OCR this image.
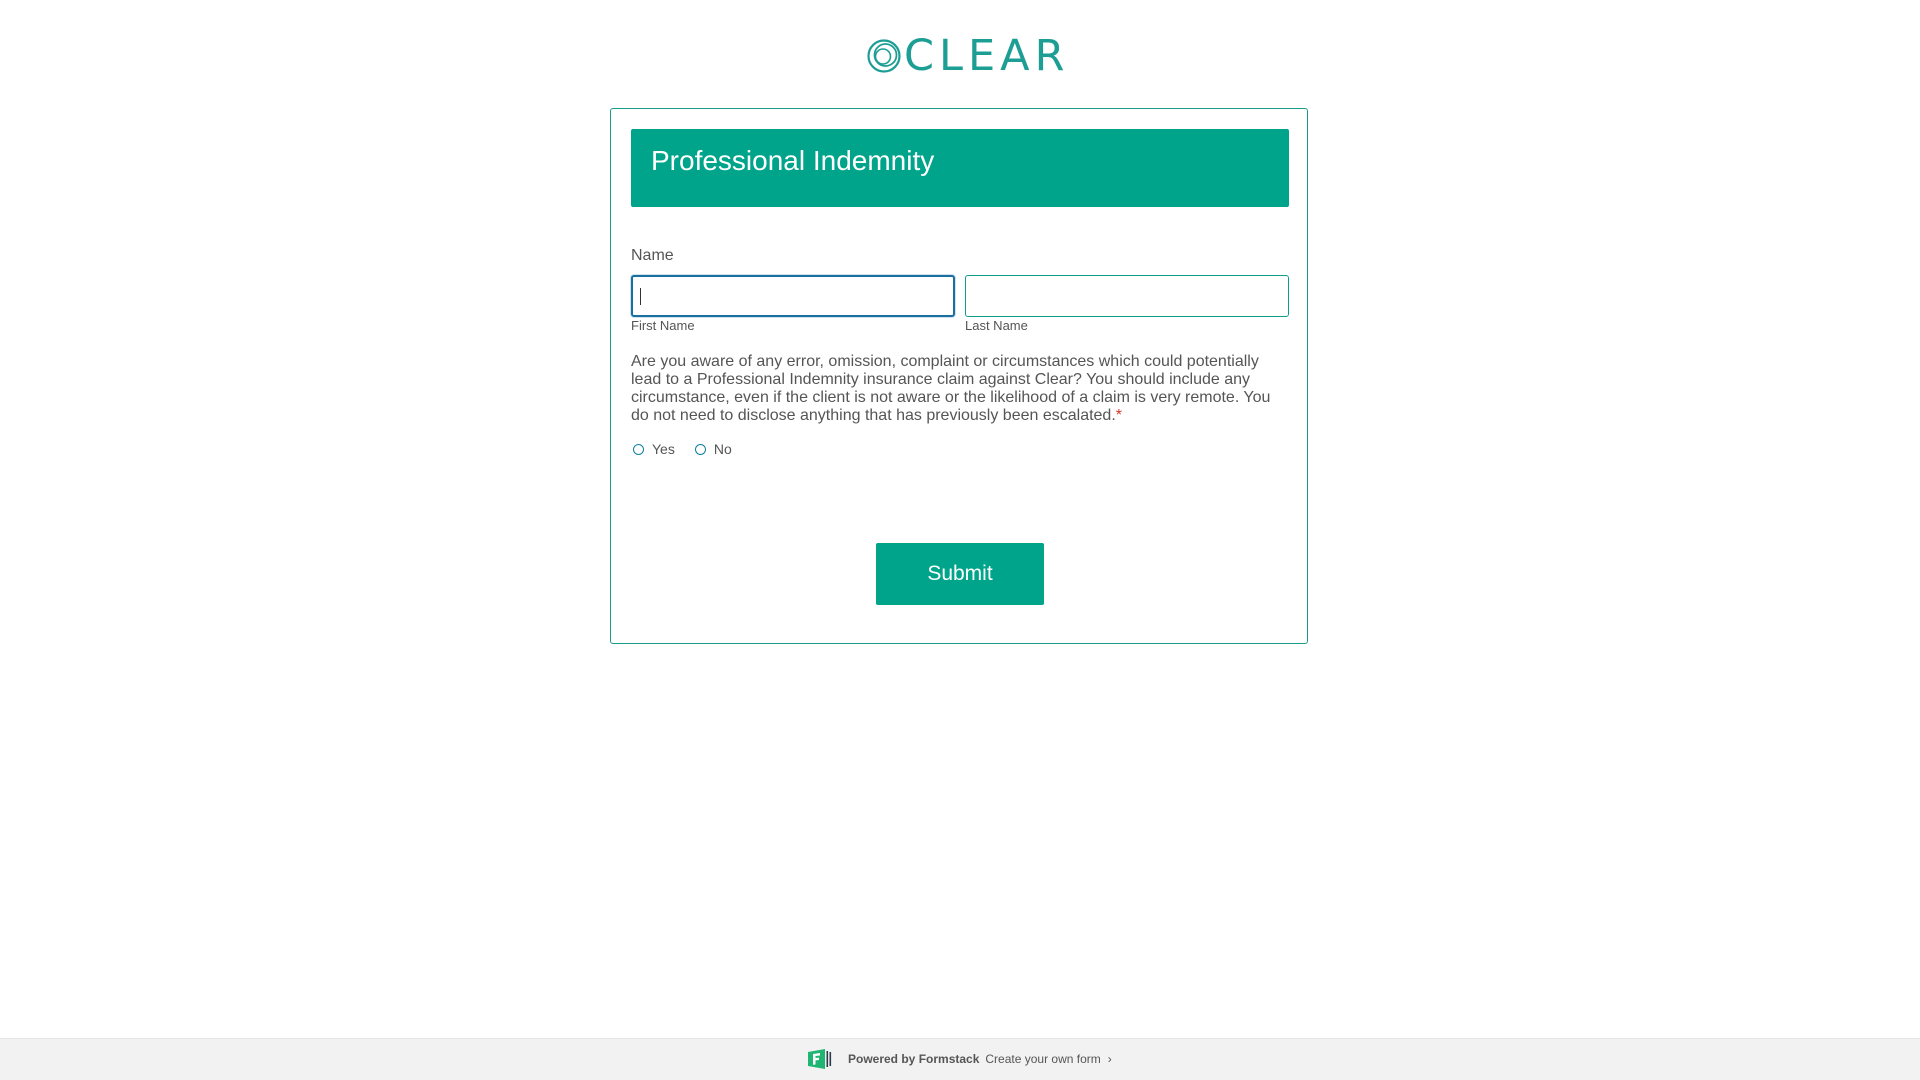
CLEAR
Professional Indemnity
Name
First Name	Last Name
Are you aware of any error, omission, complaint or circumstances which could potentially lead to a Professional Indemnity insurance claim against Clear? You should include any circumstance, even if the client is not aware or the likelihood of a claim is very remote. You do not need to disclose anything that has previously been escalated.*
Yes	No
Submit
Powered by Formstack Create your own form ›
